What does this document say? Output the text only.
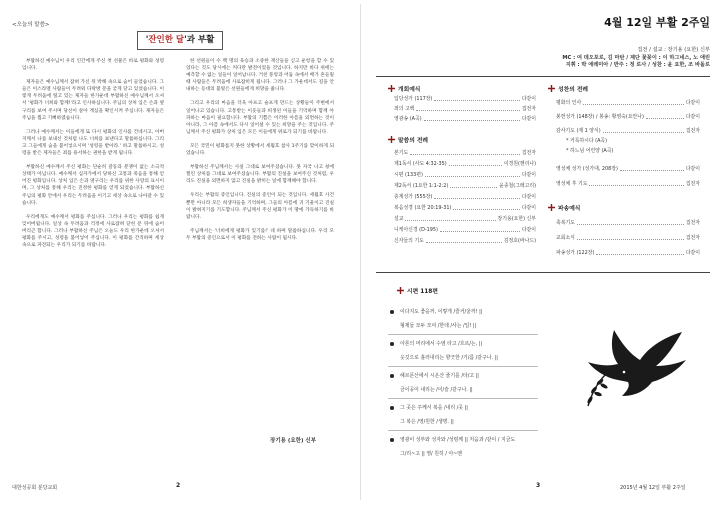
<오늘의 말씀>
'잔인한 달'과 부활

부활하신 예수님이 우리 인간에게 주신 첫 선물은 바로 평화와 성령입니다.

제자들은 예수님께서 잡혀 가신 뒤 박해 속으로 숨어 들었습니다. 그들은 이스라엘 사람들이 두려워 다락방 문을 굳게 닫고 있었습니다. 이렇게 두려움에 떨고 있는 제자들 한가운데 부활하신 예수님께서 오셔서 '평화가 너희와 함께!'라고 인사하십니다. 주님의 상처 입은 손과 옆구리를 보여 주시며 당신이 살아 계심을 확인시켜 주십니다. 제자들은 주님을 뵙고 기뻐하였습니다.

그러나 예수께서는 이들에게 또 다시 평화의 인사를 건네시고, 아버지께서 나를 보내신 것처럼 나도 너희를 보낸다고 말씀하십니다. 그리고 그들에게 숨을 불어넣으시며 '성령을 받아라.' 하고 말씀하시고, 성령을 받은 제자들은 죄를 용서하는 권한을 받게 됩니다.

부활하신 예수께서 주신 평화는 단순히 갈등과 분쟁이 없는 소극적 상태가 아닙니다. 예수께서 십자가에서 당하신 고통과 죽음을 통해 얻어진 평화입니다. 상처 입은 손과 옆구리는 우리를 위한 사랑의 표시이며, 그 상처를 통해 우리는 진정한 평화를 얻게 되었습니다. 부활하신 주님의 평화 안에서 우리는 두려움을 이기고 세상 속으로 나아갈 수 있습니다.

우리에게도 예수께서 평화를 주십니다. 그러나 우리는 평화를 쉽게 잊어버립니다. 일상 속 두려움과 걱정에 사로잡혀 닫힌 문 뒤에 숨어 버리곤 합니다. 그러나 부활하신 주님은 오늘도 우리 한가운데 오셔서 평화를 주시고, 성령을 불어넣어 주십니다. 이 평화를 간직하며 세상 속으로 파견되는 우리가 되기를 바랍니다.

한 선원들이 수 백 명의 육승과 소중한 재산들을 싣고 운항을 할 수 있었다는 것도 당시에는 커다란 발전이었을 것입니다. 하지만 바다 위에는 예측할 수 없는 일들이 일어납니다. 거친 풍랑과 어둠 속에서 배가 흔들릴 때 사람들은 두려움에 사로잡히게 됩니다. 그러나 그 가운데서도 길을 안내하는 등대의 불빛은 선원들에게 희망을 줍니다.

그리고 우리의 마음을 더욱 아프고 슬프게 만드는 상황들이 주변에서 일어나고 있습니다. 고통받는 이웃들과 희생된 이들을 기억하며 함께 아파하는 마음이 필요합니다. 부활의 기쁨은 이러한 아픔을 외면하는 것이 아니라, 그 아픔 속에서도 다시 일어설 수 있는 희망을 주는 것입니다. 주님께서 주신 평화가 상처 입은 모든 이들에게 위로가 되기를 바랍니다.

모든 국민이 평화롭지 못한 상황에서 세월호 참사 1주기를 맞이하게 되었습니다.

부활하신 주님께서는 사실 그대로 보여주셨습니다. 못 자국 나고 창에 찔린 상처를 그대로 보여주셨습니다. 부활의 진실을 보여주신 것처럼, 우리도 진실을 외면하지 않고 진실을 밝히는 일에 함께해야 합니다.

우리는 부활의 증인입니다. 진실의 증인이 되는 것입니다. 세월호 사건뿐만 아니라 모든 희생자들을 기억하며, 그들의 아픔에 귀 기울이고 진실이 밝혀지기를 기도합니다. 주님께서 주신 평화가 이 땅에 가득하기를 바랍니다.

주님께서는 '너희에게 평화가 있기를!' 네 하며 말씀하십니다. 우리 모두 부활의 증인으로서 이 평화를 전하는 사람이 됩시다.

장기용 (요한) 신부
대한성공회 분당교회	2
4월 12일 부활 2주일
집전 / 설교 : 장기용 (요한) 신부
MC : 여 데오포로, 김 마탄 / 제단 꽃꽂이 : 이 하그네스, 노 애린
지휘 : 박 에레미아 / 반주 : 정 로사 / 성찬 : 윤 요한, 조 바돌로
개회예식
입당성가 (117장)	다같이
죄의 고백	집전자
영광송 (A곡)	다같이
말씀의 전례
본기도	집전자
제1독서 (사도 4:32-35)	이경원(헨리나)
시편 (133편)	다같이
제2독서 (1요한 1:1-2:2)	윤종철(그레고리)
층계성가 (555장)	다같이
복음성경 (요한 20:19-31)	다같이
설교	장기용(요한) 신부
니케아신경 (D-195)	다같이
신자들의 기도	김정호(바나드)
성찬의 전례
평화의 인사	다같이
봉헌성가 (148장) / 봉송: 황영숙(요안나)	다같이
감사기도 (제 1 양식)	집전자
* 거룩하시다 (A곡)
* 하느님 어린양 (A곡)
영성체 성가 (성가대, 208장)	다같이
영성체 후 기도	집전자
파송예식
축복기도	집전자
교회소식	집전자
파송성가 (122장)	다같이
시편 118편
이다지도 좋을까, 이렇게 /즐거/울까! ||
형제들 모두 모여 /한데 /사는 /일! ||
아론의 머리에서 수염 타고 /흐르/는, ||
옷깃으로 흘러내리는 향긋한 /기/름 /같구나. ||
헤르몬산에서 시온산 줄기를 /타/고 ||
금이공이 내리는 /이/슬 /같구나. ||
그 곳은 주께서 복을 /내리 /곳 ||
그 복은 /영/원한 /생명. ||
영광이 성부와 성자와 /성령께 || 처음과 /같이 / 지금도
그/리~고 || 영/ 원히 / 아~멘
3	2015년 4월 12일 부활 2주일
